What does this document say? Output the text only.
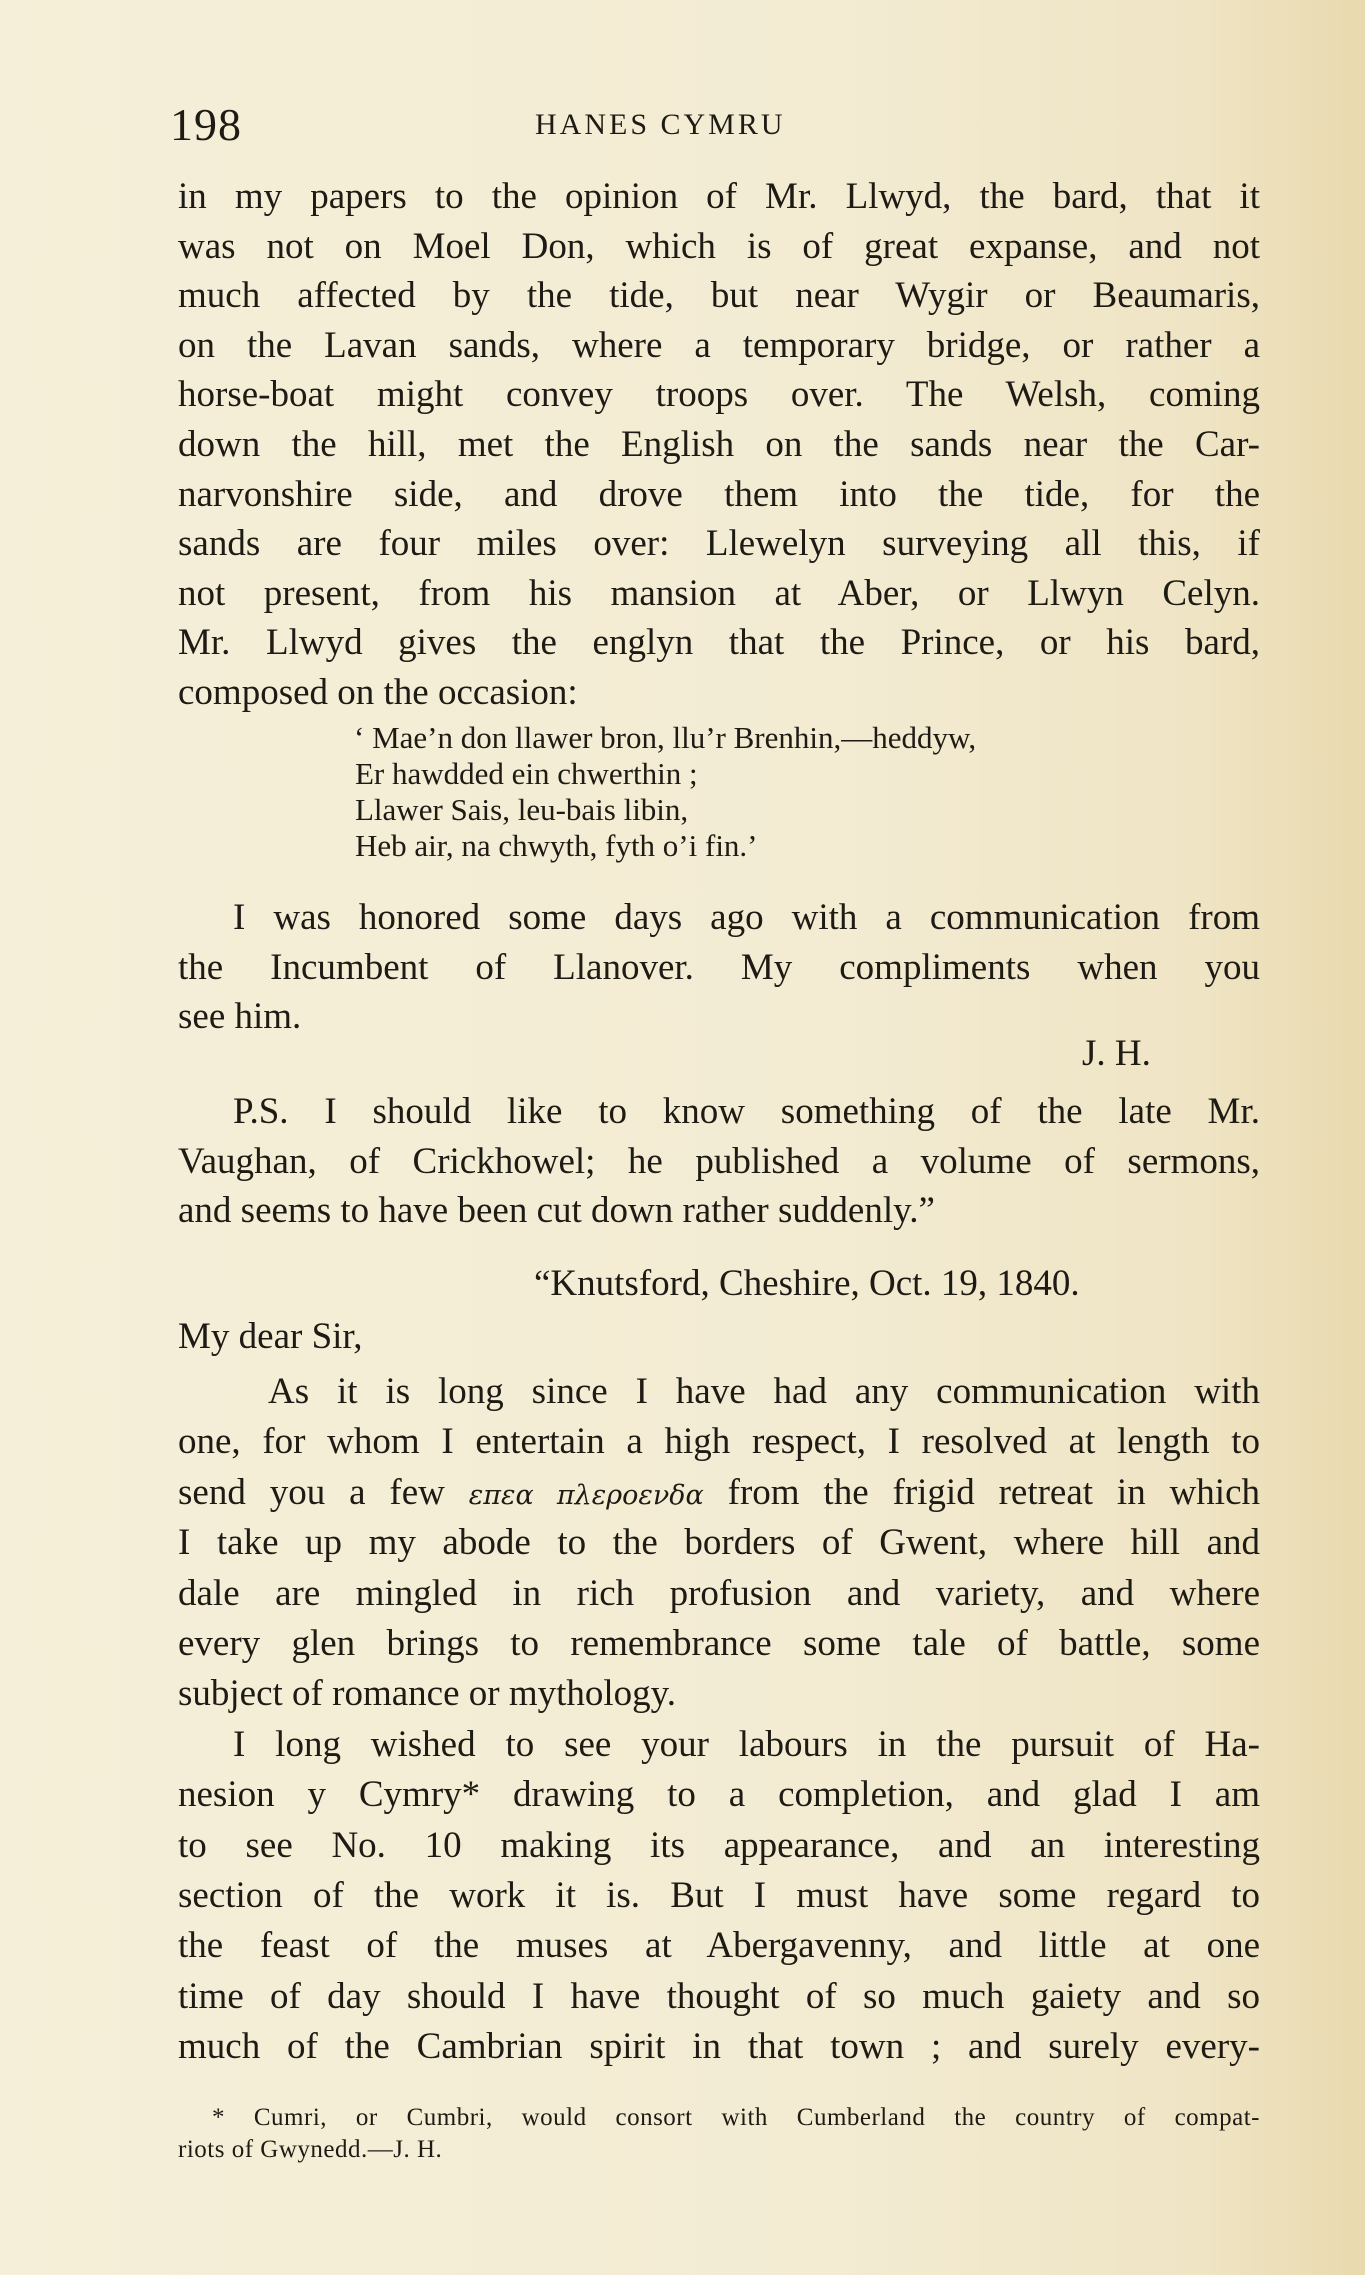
198	HANES CYMRU
in my papers to the opinion of Mr. Llwyd, the bard, that it
was not on Moel Don, which is of great expanse, and not
much affected by the tide, but near Wygir or Beaumaris,
on the Lavan sands, where a temporary bridge, or rather a
horse-boat might convey troops over. The Welsh, coming
down the hill, met the English on the sands near the Car-
narvonshire side, and drove them into the tide, for the
sands are four miles over: Llewelyn surveying all this, if
not present, from his mansion at Aber, or Llwyn Celyn.
Mr. Llwyd gives the englyn that the Prince, or his bard,
composed on the occasion:
‘ Mae’n don llawer bron, llu’r Brenhin,—heddyw,
Er hawdded ein chwerthin ;
Llawer Sais, leu-bais libin,
Heb air, na chwyth, fyth o’i fin.’
I was honored some days ago with a communication from
the Incumbent of Llanover. My compliments when you
see him.
J. H.
P.S. I should like to know something of the late Mr.
Vaughan, of Crickhowel; he published a volume of sermons,
and seems to have been cut down rather suddenly.”
“Knutsford, Cheshire, Oct. 19, 1840.
My dear Sir,
As it is long since I have had any communication with
one, for whom I entertain a high respect, I resolved at length to
send you a few επεα πλεροενδα from the frigid retreat in which
I take up my abode to the borders of Gwent, where hill and
dale are mingled in rich profusion and variety, and where
every glen brings to remembrance some tale of battle, some
subject of romance or mythology.
I long wished to see your labours in the pursuit of Ha-
nesion y Cymry* drawing to a completion, and glad I am
to see No. 10 making its appearance, and an interesting
section of the work it is. But I must have some regard to
the feast of the muses at Abergavenny, and little at one
time of day should I have thought of so much gaiety and so
much of the Cambrian spirit in that town ; and surely every-
* Cumri, or Cumbri, would consort with Cumberland the country of compat-
riots of Gwynedd.—J. H.
